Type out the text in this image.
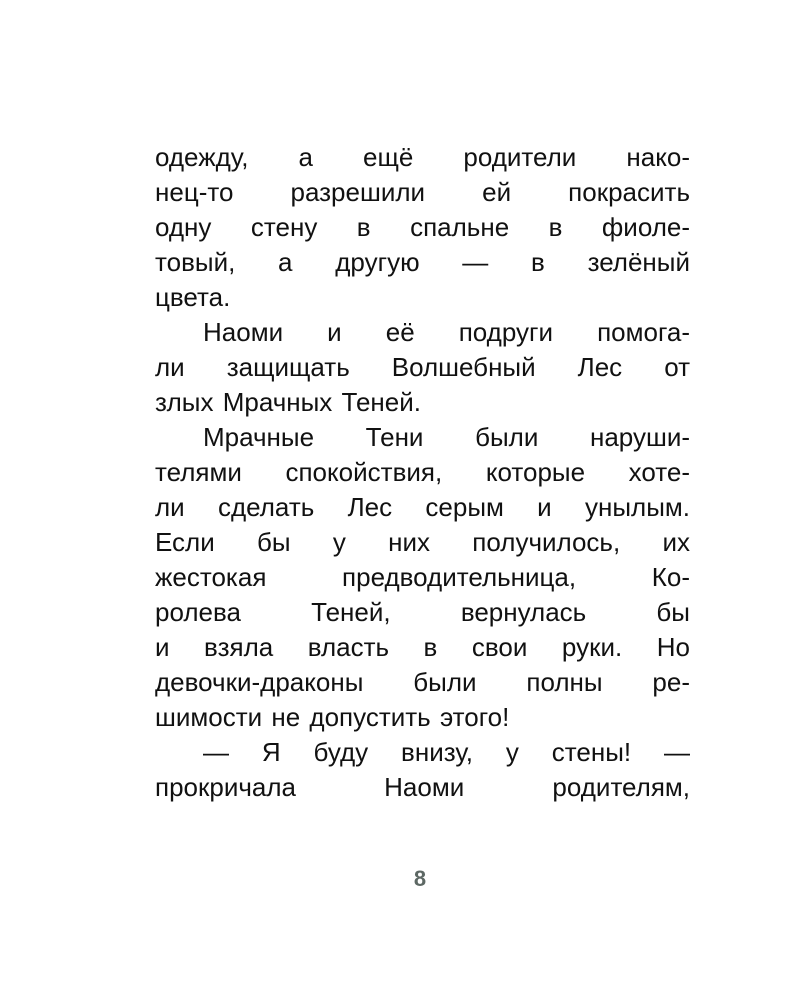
одежду, а ещё родители нако-
нец-то разрешили ей покрасить
одну стену в спальне в фиоле-
товый, а другую — в зелёный
цвета.
Наоми и её подруги помога-
ли защищать Волшебный Лес от
злых Мрачных Теней.
Мрачные Тени были наруши-
телями спокойствия, которые хоте-
ли сделать Лес серым и унылым.
Если бы у них получилось, их
жестокая предводительница, Ко-
ролева Теней, вернулась бы
и взяла власть в свои руки. Но
девочки-драконы были полны ре-
шимости не допустить этого!
— Я буду внизу, у стены! —
прокричала Наоми родителям,
8
